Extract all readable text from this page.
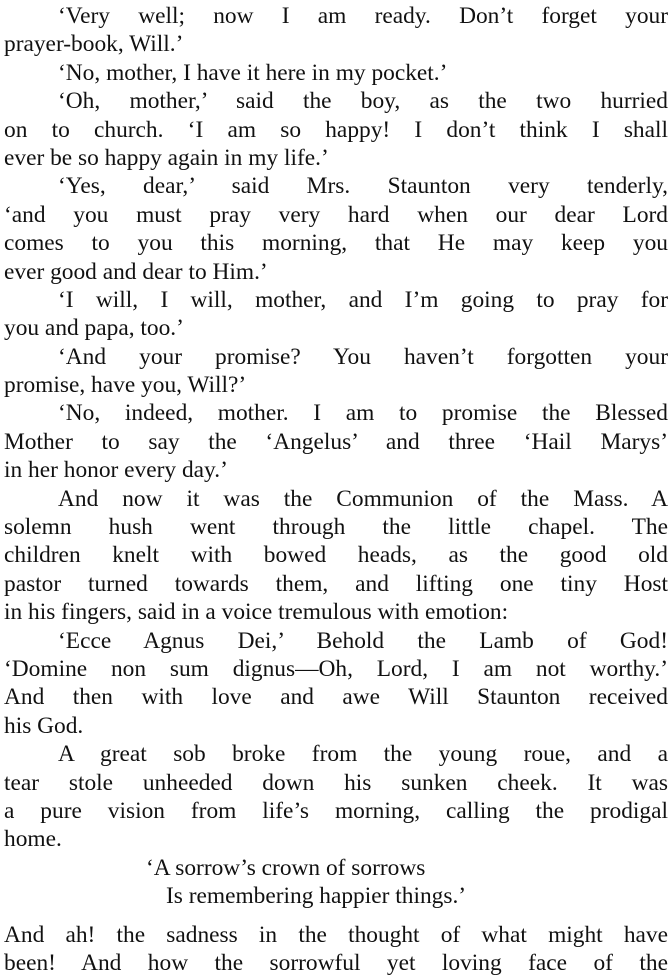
‘Very well; now I am ready. Don’t forget your
prayer-book, Will.’
‘No, mother, I have it here in my pocket.’
‘Oh, mother,’ said the boy, as the two hurried
on to church. ‘I am so happy! I don’t think I shall
ever be so happy again in my life.’
‘Yes, dear,’ said Mrs. Staunton very tenderly,
‘and you must pray very hard when our dear Lord
comes to you this morning, that He may keep you
ever good and dear to Him.’
‘I will, I will, mother, and I’m going to pray for
you and papa, too.’
‘And your promise? You haven’t forgotten your
promise, have you, Will?’
‘No, indeed, mother. I am to promise the Blessed
Mother to say the ‘Angelus’ and three ‘Hail Marys’
in her honor every day.’
And now it was the Communion of the Mass. A
solemn hush went through the little chapel. The
children knelt with bowed heads, as the good old
pastor turned towards them, and lifting one tiny Host
in his fingers, said in a voice tremulous with emotion:
‘Ecce Agnus Dei,’ Behold the Lamb of God!
‘Domine non sum dignus—Oh, Lord, I am not worthy.’
And then with love and awe Will Staunton received
his God.
A great sob broke from the young roue, and a
tear stole unheeded down his sunken cheek. It was
a pure vision from life’s morning, calling the prodigal
home.
‘A sorrow’s crown of sorrows
Is remembering happier things.’
And ah! the sadness in the thought of what might have
been! And how the sorrowful yet loving face of the
